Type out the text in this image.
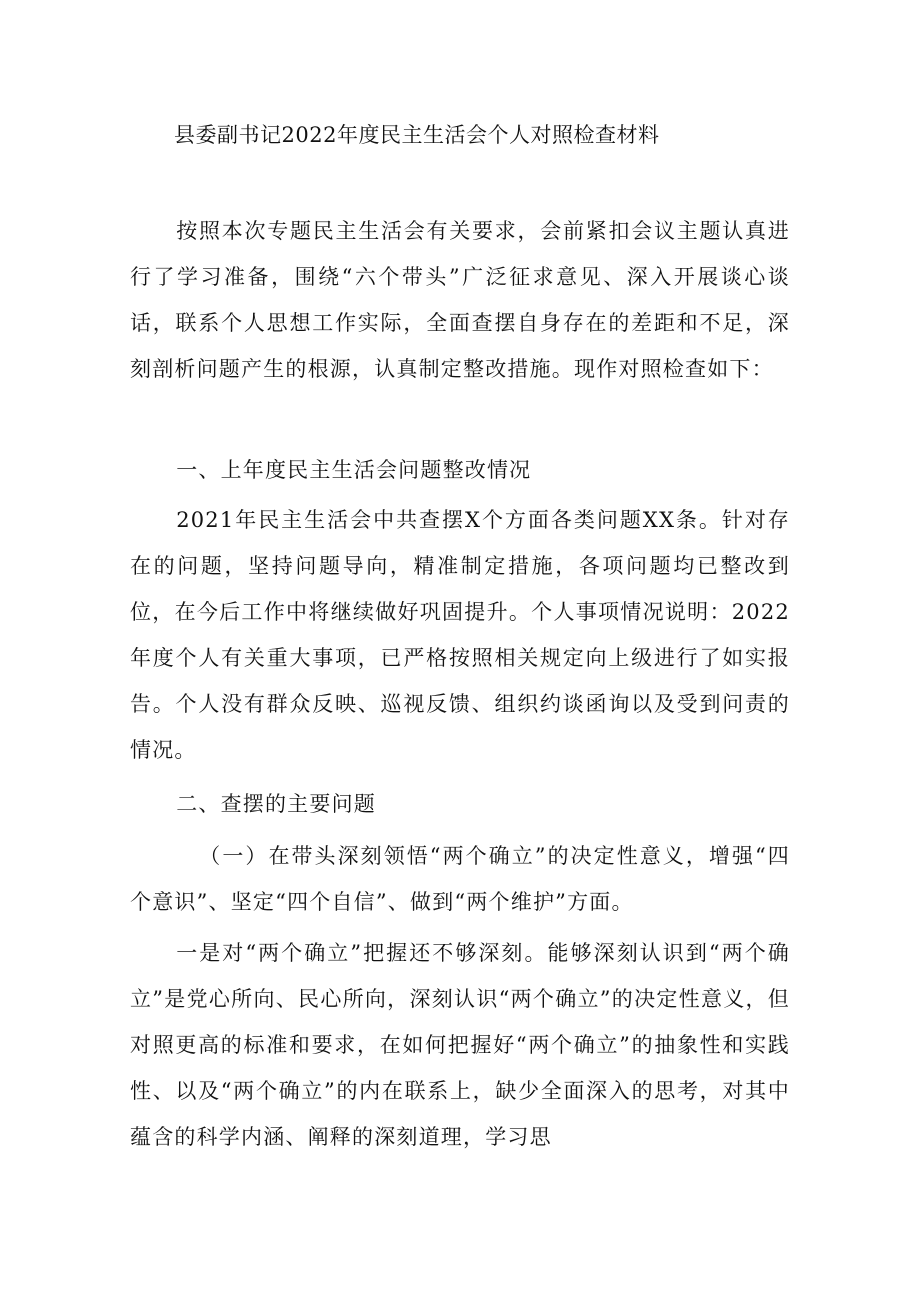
县委副书记2022年度民主生活会个人对照检查材料

按照本次专题民主生活会有关要求，会前紧扣会议主题认真进行了学习准备，围绕“六个带头”广泛征求意见、深入开展谈心谈话，联系个人思想工作实际，全面查摆自身存在的差距和不足，深刻剖析问题产生的根源，认真制定整改措施。现作对照检查如下：

一、上年度民主生活会问题整改情况

2021年民主生活会中共查摆X个方面各类问题XX条。针对存在的问题，坚持问题导向，精准制定措施，各项问题均已整改到位，在今后工作中将继续做好巩固提升。个人事项情况说明：2022年度个人有关重大事项，已严格按照相关规定向上级进行了如实报告。个人没有群众反映、巡视反馈、组织约谈函询以及受到问责的情况。

二、查摆的主要问题

（一）在带头深刻领悟“两个确立”的决定性意义，增强“四个意识”、坚定“四个自信”、做到“两个维护”方面。

一是对“两个确立”把握还不够深刻。能够深刻认识到“两个确立”是党心所向、民心所向，深刻认识“两个确立”的决定性意义，但对照更高的标准和要求，在如何把握好“两个确立”的抽象性和实践性、以及“两个确立”的内在联系上，缺少全面深入的思考，对其中蕴含的科学内涵、阐释的深刻道理，学习思
